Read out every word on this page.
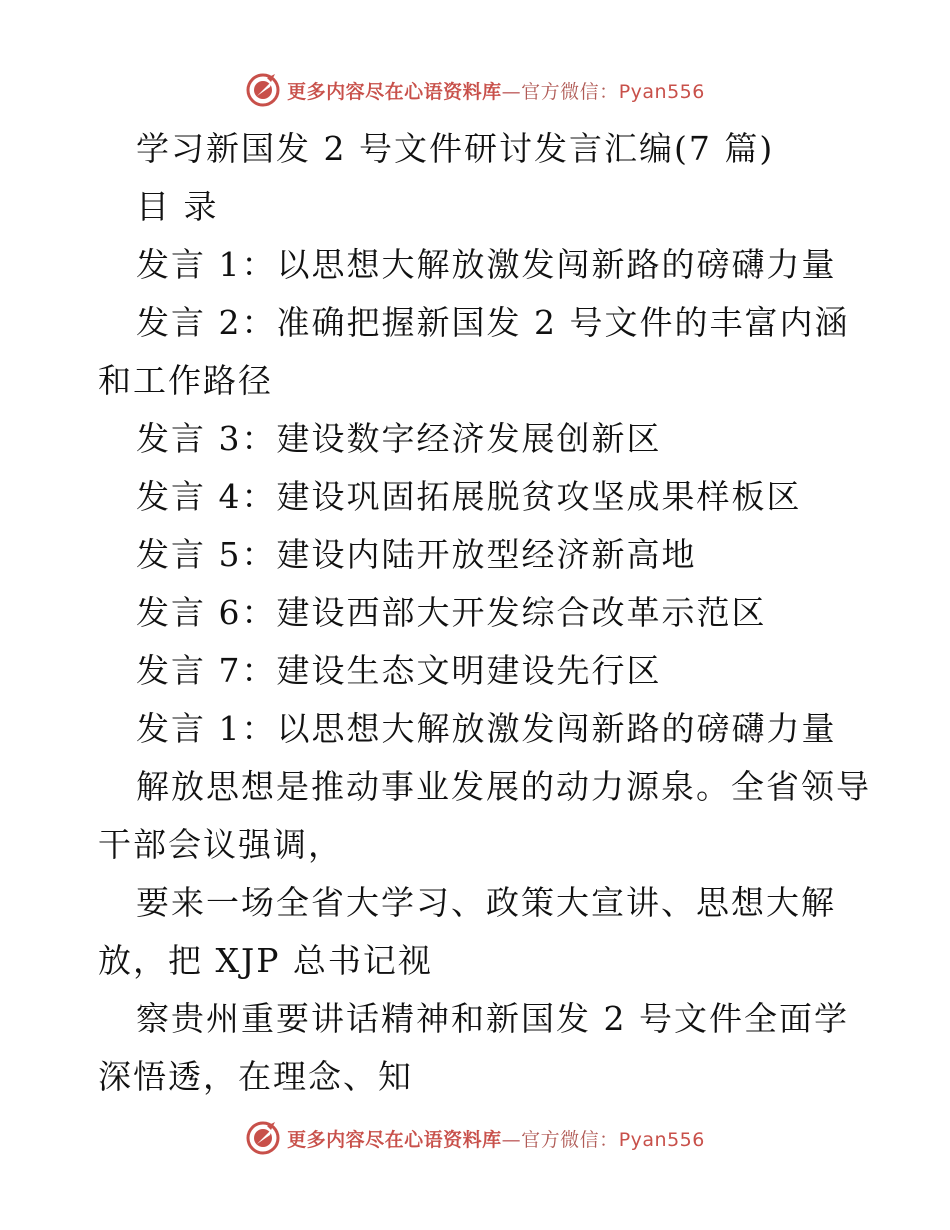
更多内容尽在心语资料库—官方微信：Pyan556
学习新国发 2 号文件研讨发言汇编(7 篇)
目 录
发言 1：以思想大解放激发闯新路的磅礴力量
发言 2：准确把握新国发 2 号文件的丰富内涵
和工作路径
发言 3：建设数字经济发展创新区
发言 4：建设巩固拓展脱贫攻坚成果样板区
发言 5：建设内陆开放型经济新高地
发言 6：建设西部大开发综合改革示范区
发言 7：建设生态文明建设先行区
发言 1：以思想大解放激发闯新路的磅礴力量
解放思想是推动事业发展的动力源泉。全省领导
干部会议强调，
要来一场全省大学习、政策大宣讲、思想大解
放，把 XJP 总书记视
察贵州重要讲话精神和新国发 2 号文件全面学
深悟透，在理念、知
更多内容尽在心语资料库—官方微信：Pyan556
